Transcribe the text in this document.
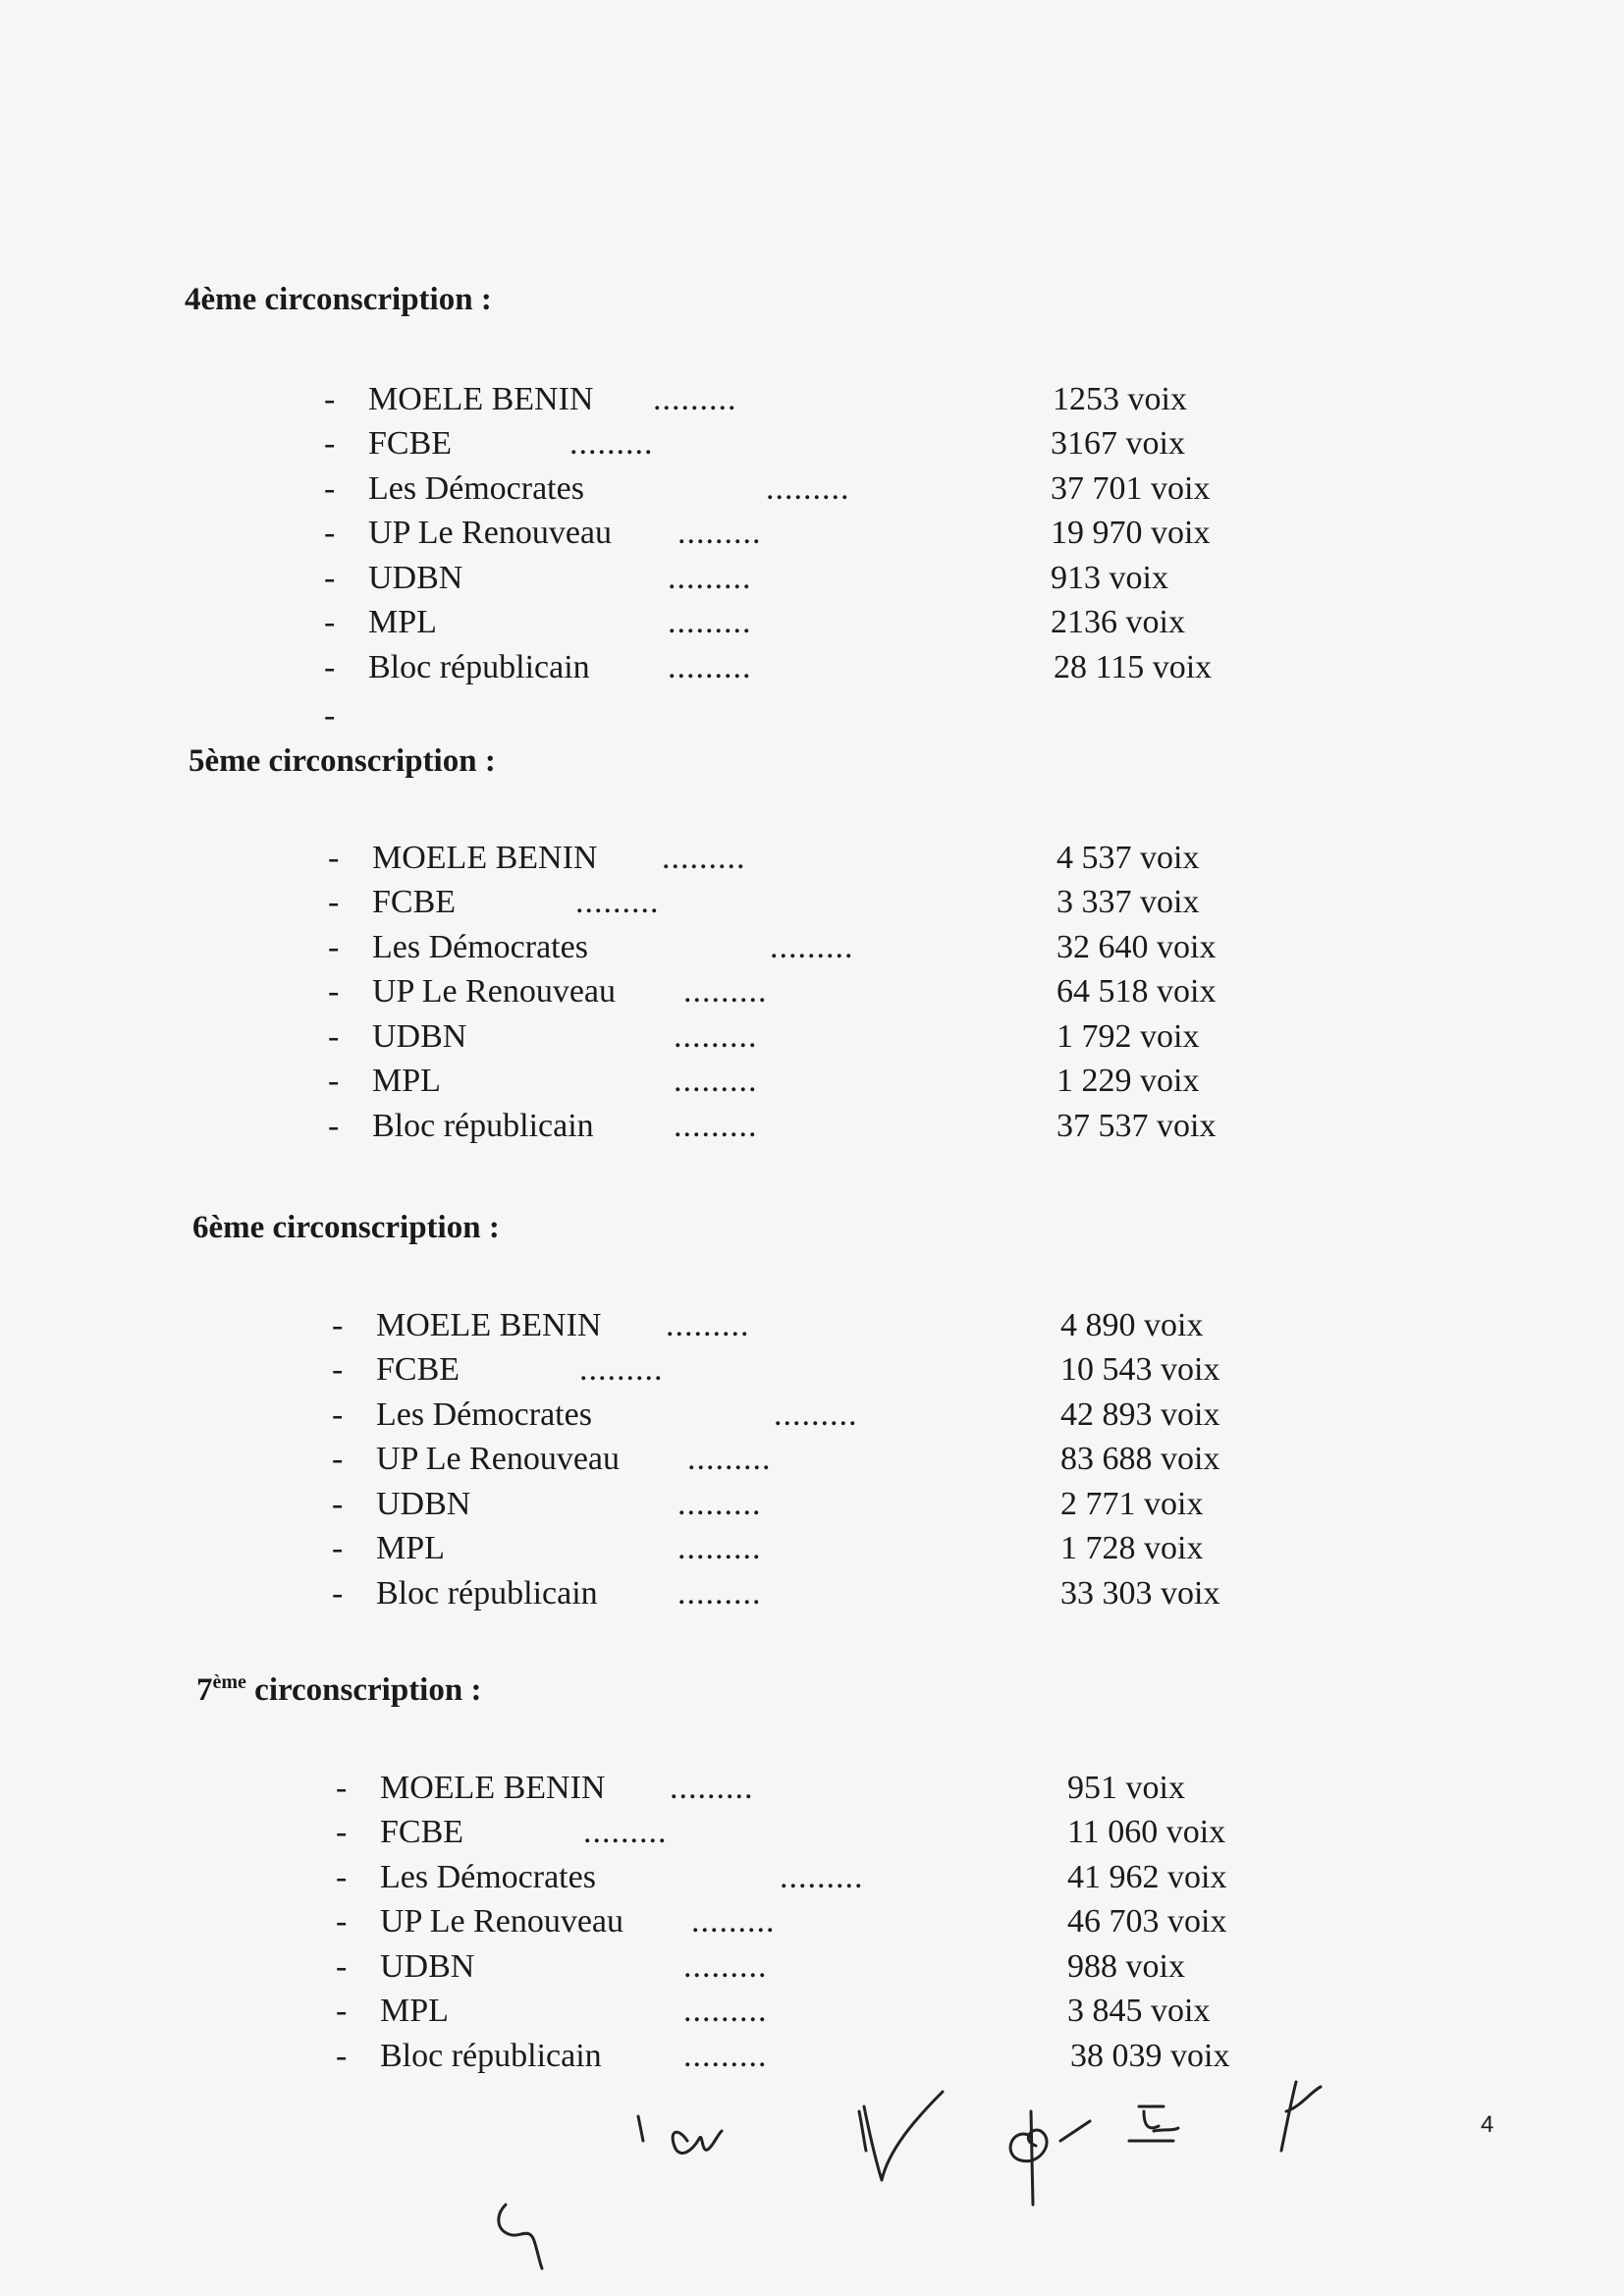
4ème circonscription :
- MOELE BENIN .........	1253 voix
- FCBE	.........	3167 voix
- Les Démocrates	.........	37 701 voix
- UP Le Renouveau .........	19 970 voix
- UDBN	.........	913 voix
- MPL	.........	2136 voix
- Bloc républicain .........	28 115 voix
-
5ème circonscription :
- MOELE BENIN .........	4 537 voix
- FCBE	.........	3 337 voix
- Les Démocrates	.........	32 640 voix
- UP Le Renouveau .........	64 518 voix
- UDBN	.........	1 792 voix
- MPL	.........	1 229 voix
- Bloc républicain .........	37 537 voix
6ème circonscription :
- MOELE BENIN .........	4 890 voix
- FCBE	.........	10 543 voix
- Les Démocrates	.........	42 893 voix
- UP Le Renouveau .........	83 688 voix
- UDBN	.........	2 771 voix
- MPL	.........	1 728 voix
- Bloc républicain .........	33 303 voix
7ème circonscription :
- MOELE BENIN .........	951 voix
- FCBE	.........	11 060 voix
- Les Démocrates	.........	41 962 voix
- UP Le Renouveau .........	46 703 voix
- UDBN	.........	988 voix
- MPL	.........	3 845 voix
- Bloc républicain .........	38 039 voix
4
